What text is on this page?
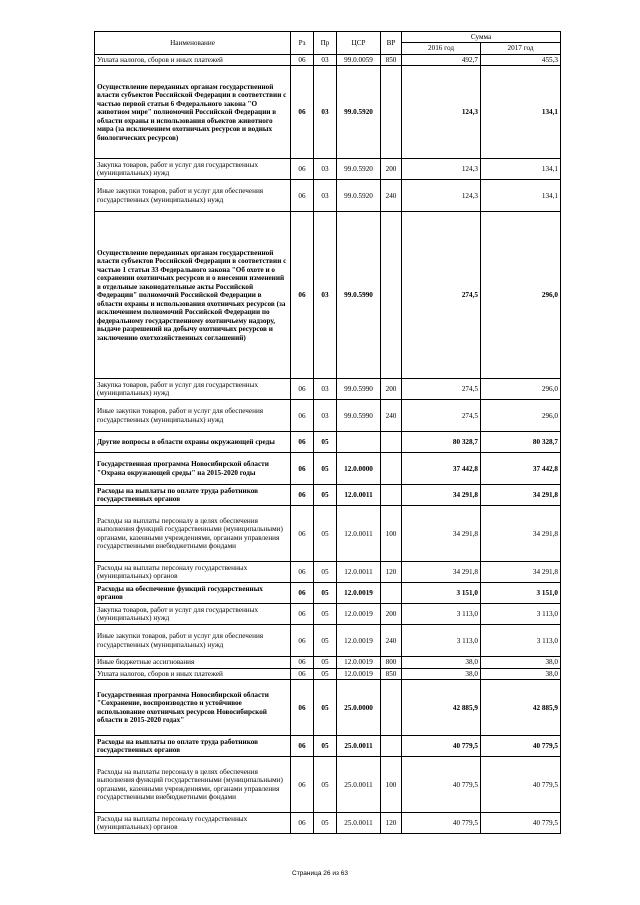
Наименование	Рз	Пр	ЦСР	ВР	Сумма	
					2016 год	2017 год
Уплата налогов, сборов и иных платежей	06	03	99.0.0059	850	492,7	455,3
Осуществление переданных органам государственной власти субъектов Российской Федерации в соответствии с частью первой статьи 6 Федерального закона "О животном мире" полномочий Российской Федерации в области охраны и использования объектов животного мира (за исключением охотничьих ресурсов и водных биологических ресурсов)	06	03	99.0.5920		124,3	134,1
Закупка товаров, работ и услуг для государственных (муниципальных) нужд	06	03	99.0.5920	200	124,3	134,1
Иные закупки товаров, работ и услуг для обеспечения государственных (муниципальных) нужд	06	03	99.0.5920	240	124,3	134,1
Осуществление переданных органам государственной власти субъектов Российской Федерации в соответствии с частью 1 статьи 33 Федерального закона "Об охоте и о сохранении охотничьих ресурсов и о внесении изменений в отдельные законодательные акты Российской Федерации" полномочий Российской Федерации в области охраны и использования охотничьих ресурсов (за исключением полномочий Российской Федерации по федеральному государственному охотничьему надзору, выдаче разрешений на добычу охотничьих ресурсов и заключению охотхозяйственных соглашений)	06	03	99.0.5990		274,5	296,0
Закупка товаров, работ и услуг для государственных (муниципальных) нужд	06	03	99.0.5990	200	274,5	296,0
Иные закупки товаров, работ и услуг для обеспечения государственных (муниципальных) нужд	06	03	99.0.5990	240	274,5	296,0
Другие вопросы в области охраны окружающей среды	06	05			80 328,7	80 328,7
Государственная программа Новосибирской области "Охрана окружающей среды" на 2015-2020 годы	06	05	12.0.0000		37 442,8	37 442,8
Расходы на выплаты по оплате труда работников государственных органов	06	05	12.0.0011		34 291,8	34 291,8
Расходы на выплаты персоналу в целях обеспечения выполнения функций государственными (муниципальными) органами, казенными учреждениями, органами управления государственными внебюджетными фондами	06	05	12.0.0011	100	34 291,8	34 291,8
Расходы на выплаты персоналу государственных (муниципальных) органов	06	05	12.0.0011	120	34 291,8	34 291,8
Расходы на обеспечение функций государственных органов	06	05	12.0.0019		3 151,0	3 151,0
Закупка товаров, работ и услуг для государственных (муниципальных) нужд	06	05	12.0.0019	200	3 113,0	3 113,0
Иные закупки товаров, работ и услуг для обеспечения государственных (муниципальных) нужд	06	05	12.0.0019	240	3 113,0	3 113,0
Иные бюджетные ассигнования	06	05	12.0.0019	800	38,0	38,0
Уплата налогов, сборов и иных платежей	06	05	12.0.0019	850	38,0	38,0
Государственная программа Новосибирской области "Сохранение, воспроизводство и устойчивое использование охотничьих ресурсов Новосибирской области в 2015-2020 годах"	06	05	25.0.0000		42 885,9	42 885,9
Расходы на выплаты по оплате труда работников государственных органов	06	05	25.0.0011		40 779,5	40 779,5
Расходы на выплаты персоналу в целях обеспечения выполнения функций государственными (муниципальными) органами, казенными учреждениями, органами управления государственными внебюджетными фондами	06	05	25.0.0011	100	40 779,5	40 779,5
Расходы на выплаты персоналу государственных (муниципальных) органов	06	05	25.0.0011	120	40 779,5	40 779,5
Страница 26 из 63
